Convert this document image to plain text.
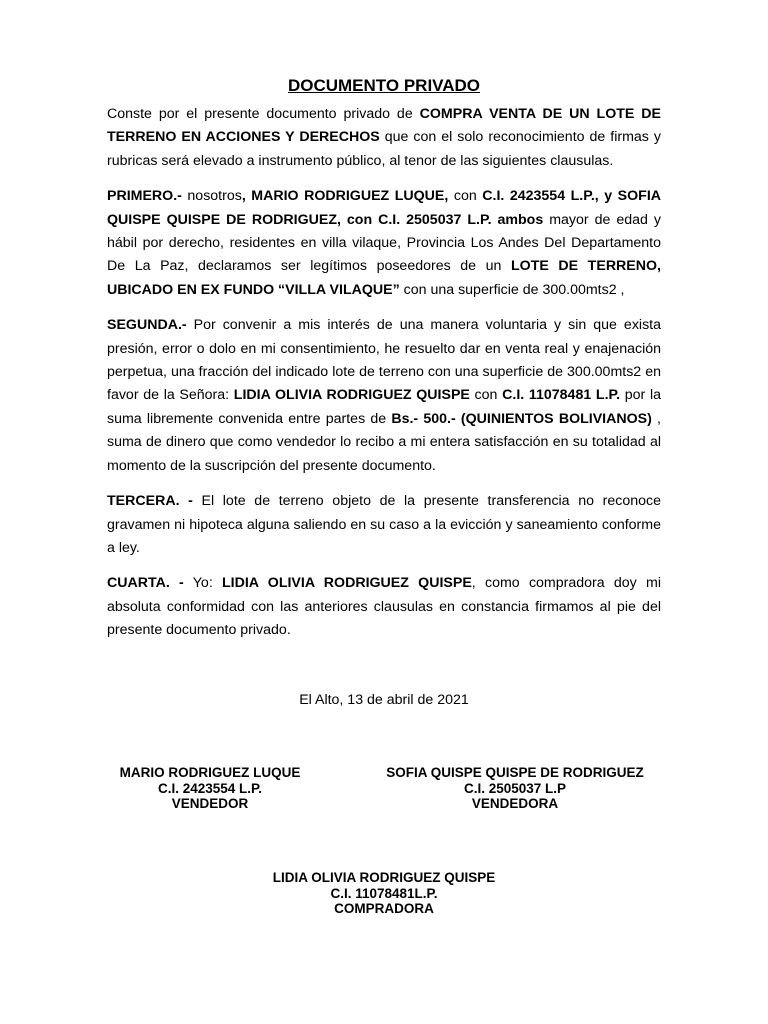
DOCUMENTO PRIVADO

Conste por el presente documento privado de COMPRA VENTA DE UN LOTE DE TERRENO EN ACCIONES Y DERECHOS que con el solo reconocimiento de firmas y rubricas será elevado a instrumento público, al tenor de las siguientes clausulas.

PRIMERO.- nosotros, MARIO RODRIGUEZ LUQUE, con C.I. 2423554 L.P., y SOFIA QUISPE QUISPE DE RODRIGUEZ, con C.I. 2505037 L.P. ambos mayor de edad y hábil por derecho, residentes en villa vilaque, Provincia Los Andes Del Departamento De La Paz, declaramos ser legítimos poseedores de un LOTE DE TERRENO, UBICADO EN EX FUNDO “VILLA VILAQUE” con una superficie de 300.00mts2 ,

SEGUNDA.- Por convenir a mis interés de una manera voluntaria y sin que exista presión, error o dolo en mi consentimiento, he resuelto dar en venta real y enajenación perpetua, una fracción del indicado lote de terreno con una superficie de 300.00mts2 en favor de la Señora: LIDIA OLIVIA RODRIGUEZ QUISPE con C.I. 11078481 L.P. por la suma libremente convenida entre partes de Bs.- 500.- (QUINIENTOS BOLIVIANOS) , suma de dinero que como vendedor lo recibo a mi entera satisfacción en su totalidad al momento de la suscripción del presente documento.

TERCERA. - El lote de terreno objeto de la presente transferencia no reconoce gravamen ni hipoteca alguna saliendo en su caso a la evicción y saneamiento conforme a ley.

CUARTA. - Yo: LIDIA OLIVIA RODRIGUEZ QUISPE, como compradora doy mi absoluta conformidad con las anteriores clausulas en constancia firmamos al pie del presente documento privado.

El Alto, 13 de abril de 2021
MARIO RODRIGUEZ LUQUE
C.I. 2423554 L.P.
VENDEDOR
SOFIA QUISPE QUISPE DE RODRIGUEZ
C.I. 2505037 L.P
VENDEDORA
LIDIA OLIVIA RODRIGUEZ QUISPE
C.I. 11078481L.P.
COMPRADORA
